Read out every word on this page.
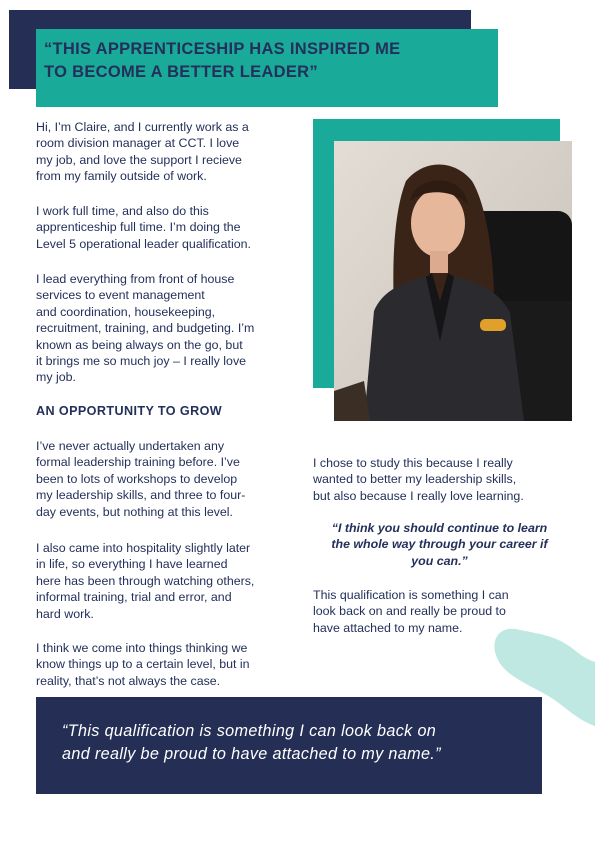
“THIS APPRENTICESHIP HAS INSPIRED ME
TO BECOME A BETTER LEADER”

Hi, I’m Claire, and I currently work as a
room division manager at CCT. I love
my job, and love the support I recieve
from my family outside of work.

I work full time, and also do this
apprenticeship full time. I’m doing the
Level 5 operational leader qualification.

I lead everything from front of house
services to event management
and coordination, housekeeping,
recruitment, training, and budgeting. I’m
known as being always on the go, but
it brings me so much joy – I really love
my job.

AN OPPORTUNITY TO GROW

I’ve never actually undertaken any
formal leadership training before. I’ve
been to lots of workshops to develop
my leadership skills, and three to four-
day events, but nothing at this level.

I also came into hospitality slightly later
in life, so everything I have learned
here has been through watching others,
informal training, trial and error, and
hard work.

I think we come into things thinking we
know things up to a certain level, but in
reality, that’s not always the case.

I chose to study this because I really
wanted to better my leadership skills,
but also because I really love learning.

This qualification is something I can
look back on and really be proud to
have attached to my name.

“I think you should continue to learn
the whole way through your career if
you can.”
“This qualification is something I can look back on
and really be proud to have attached to my name.”
